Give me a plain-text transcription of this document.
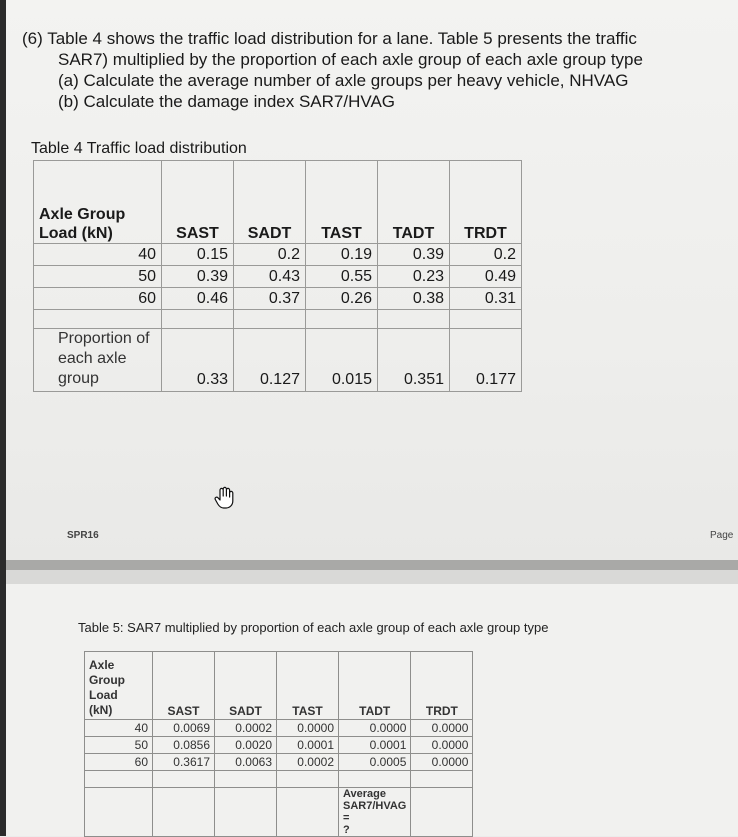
(6) Table 4 shows the traffic load distribution for a lane. Table 5 presents the traffic
SAR7) multiplied by the proportion of each axle group of each axle group type
(a) Calculate the average number of axle groups per heavy vehicle, NHVAG
(b) Calculate the damage index SAR7/HVAG
Table 4 Traffic load distribution
Axle Group
Load (kN)	SAST	SADT	TAST	TADT	TRDT
40	0.15	0.2	0.19	0.39	0.2
50	0.39	0.43	0.55	0.23	0.49
60	0.46	0.37	0.26	0.38	0.31

Proportion of
each axle
group	0.33	0.127	0.015	0.351	0.177
SPR16	Page
Table 5: SAR7 multiplied by proportion of each axle group of each axle group type
Axle
Group
Load
(kN)	SAST	SADT	TAST	TADT	TRDT
40	0.0069	0.0002	0.0000	0.0000	0.0000
50	0.0856	0.0020	0.0001	0.0001	0.0000
60	0.3617	0.0063	0.0002	0.0005	0.0000

				Average
SAR7/HVAG =
?	
